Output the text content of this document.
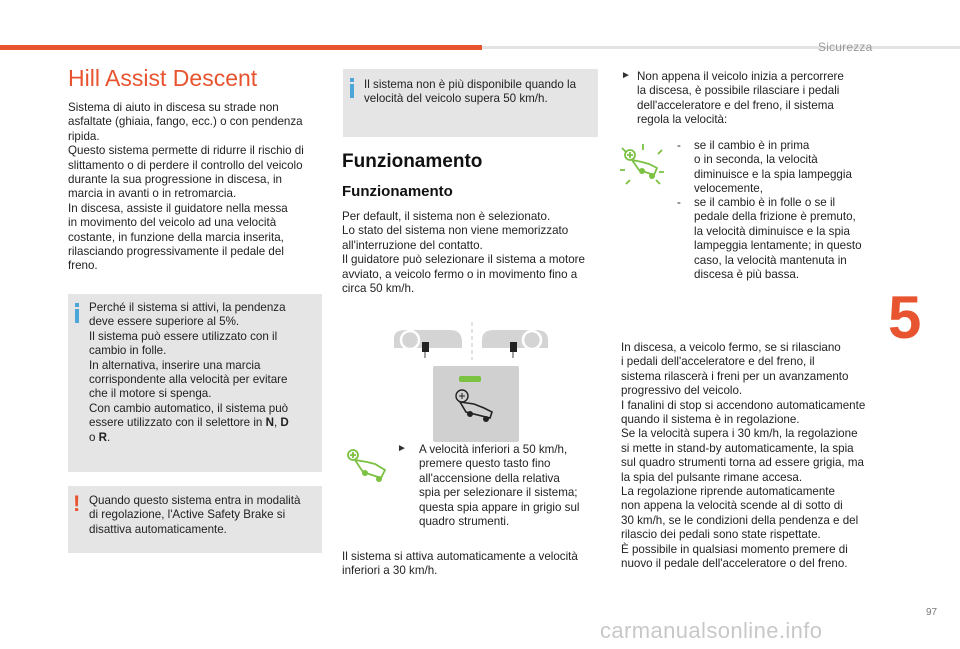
Sicurezza
5
97
carmanualsonline.info
Hill Assist Descent

Sistema di aiuto in discesa su strade non
asfaltate (ghiaia, fango, ecc.) o con pendenza
ripida.
Questo sistema permette di ridurre il rischio di
slittamento o di perdere il controllo del veicolo
durante la sua progressione in discesa, in
marcia in avanti o in retromarcia.
In discesa, assiste il guidatore nella messa
in movimento del veicolo ad una velocità
costante, in funzione della marcia inserita,
rilasciando progressivamente il pedale del
freno.

Perché il sistema si attivi, la pendenza
deve essere superiore al 5%.
Il sistema può essere utilizzato con il
cambio in folle.
In alternativa, inserire una marcia
corrispondente alla velocità per evitare
che il motore si spenga.
Con cambio automatico, il sistema può
essere utilizzato con il selettore in N, D
o R.
! Quando questo sistema entra in modalità
di regolazione, l'Active Safety Brake si
disattiva automaticamente.
Il sistema non è più disponibile quando la
velocità del veicolo supera 50 km/h.
Funzionamento
Funzionamento

Per default, il sistema non è selezionato.
Lo stato del sistema non viene memorizzato
all'interruzione del contatto.
Il guidatore può selezionare il sistema a motore
avviato, a veicolo fermo o in movimento fino a
circa 50 km/h.

► A velocità inferiori a 50 km/h,
premere questo tasto fino
all'accensione della relativa
spia per selezionare il sistema;
questa spia appare in grigio sul
quadro strumenti.

Il sistema si attiva automaticamente a velocità
inferiori a 30 km/h.

► Non appena il veicolo inizia a percorrere
la discesa, è possibile rilasciare i pedali
dell'acceleratore e del freno, il sistema
regola la velocità:

- se il cambio è in prima
o in seconda, la velocità
diminuisce e la spia lampeggia
velocemente,

- se il cambio è in folle o se il
pedale della frizione è premuto,
la velocità diminuisce e la spia
lampeggia lentamente; in questo
caso, la velocità mantenuta in
discesa è più bassa.

In discesa, a veicolo fermo, se si rilasciano
i pedali dell'acceleratore e del freno, il
sistema rilascerà i freni per un avanzamento
progressivo del veicolo.
I fanalini di stop si accendono automaticamente
quando il sistema è in regolazione.
Se la velocità supera i 30 km/h, la regolazione
si mette in stand-by automaticamente, la spia
sul quadro strumenti torna ad essere grigia, ma
la spia del pulsante rimane accesa.
La regolazione riprende automaticamente
non appena la velocità scende al di sotto di
30 km/h, se le condizioni della pendenza e del
rilascio dei pedali sono state rispettate.
È possibile in qualsiasi momento premere di
nuovo il pedale dell'acceleratore o del freno.
